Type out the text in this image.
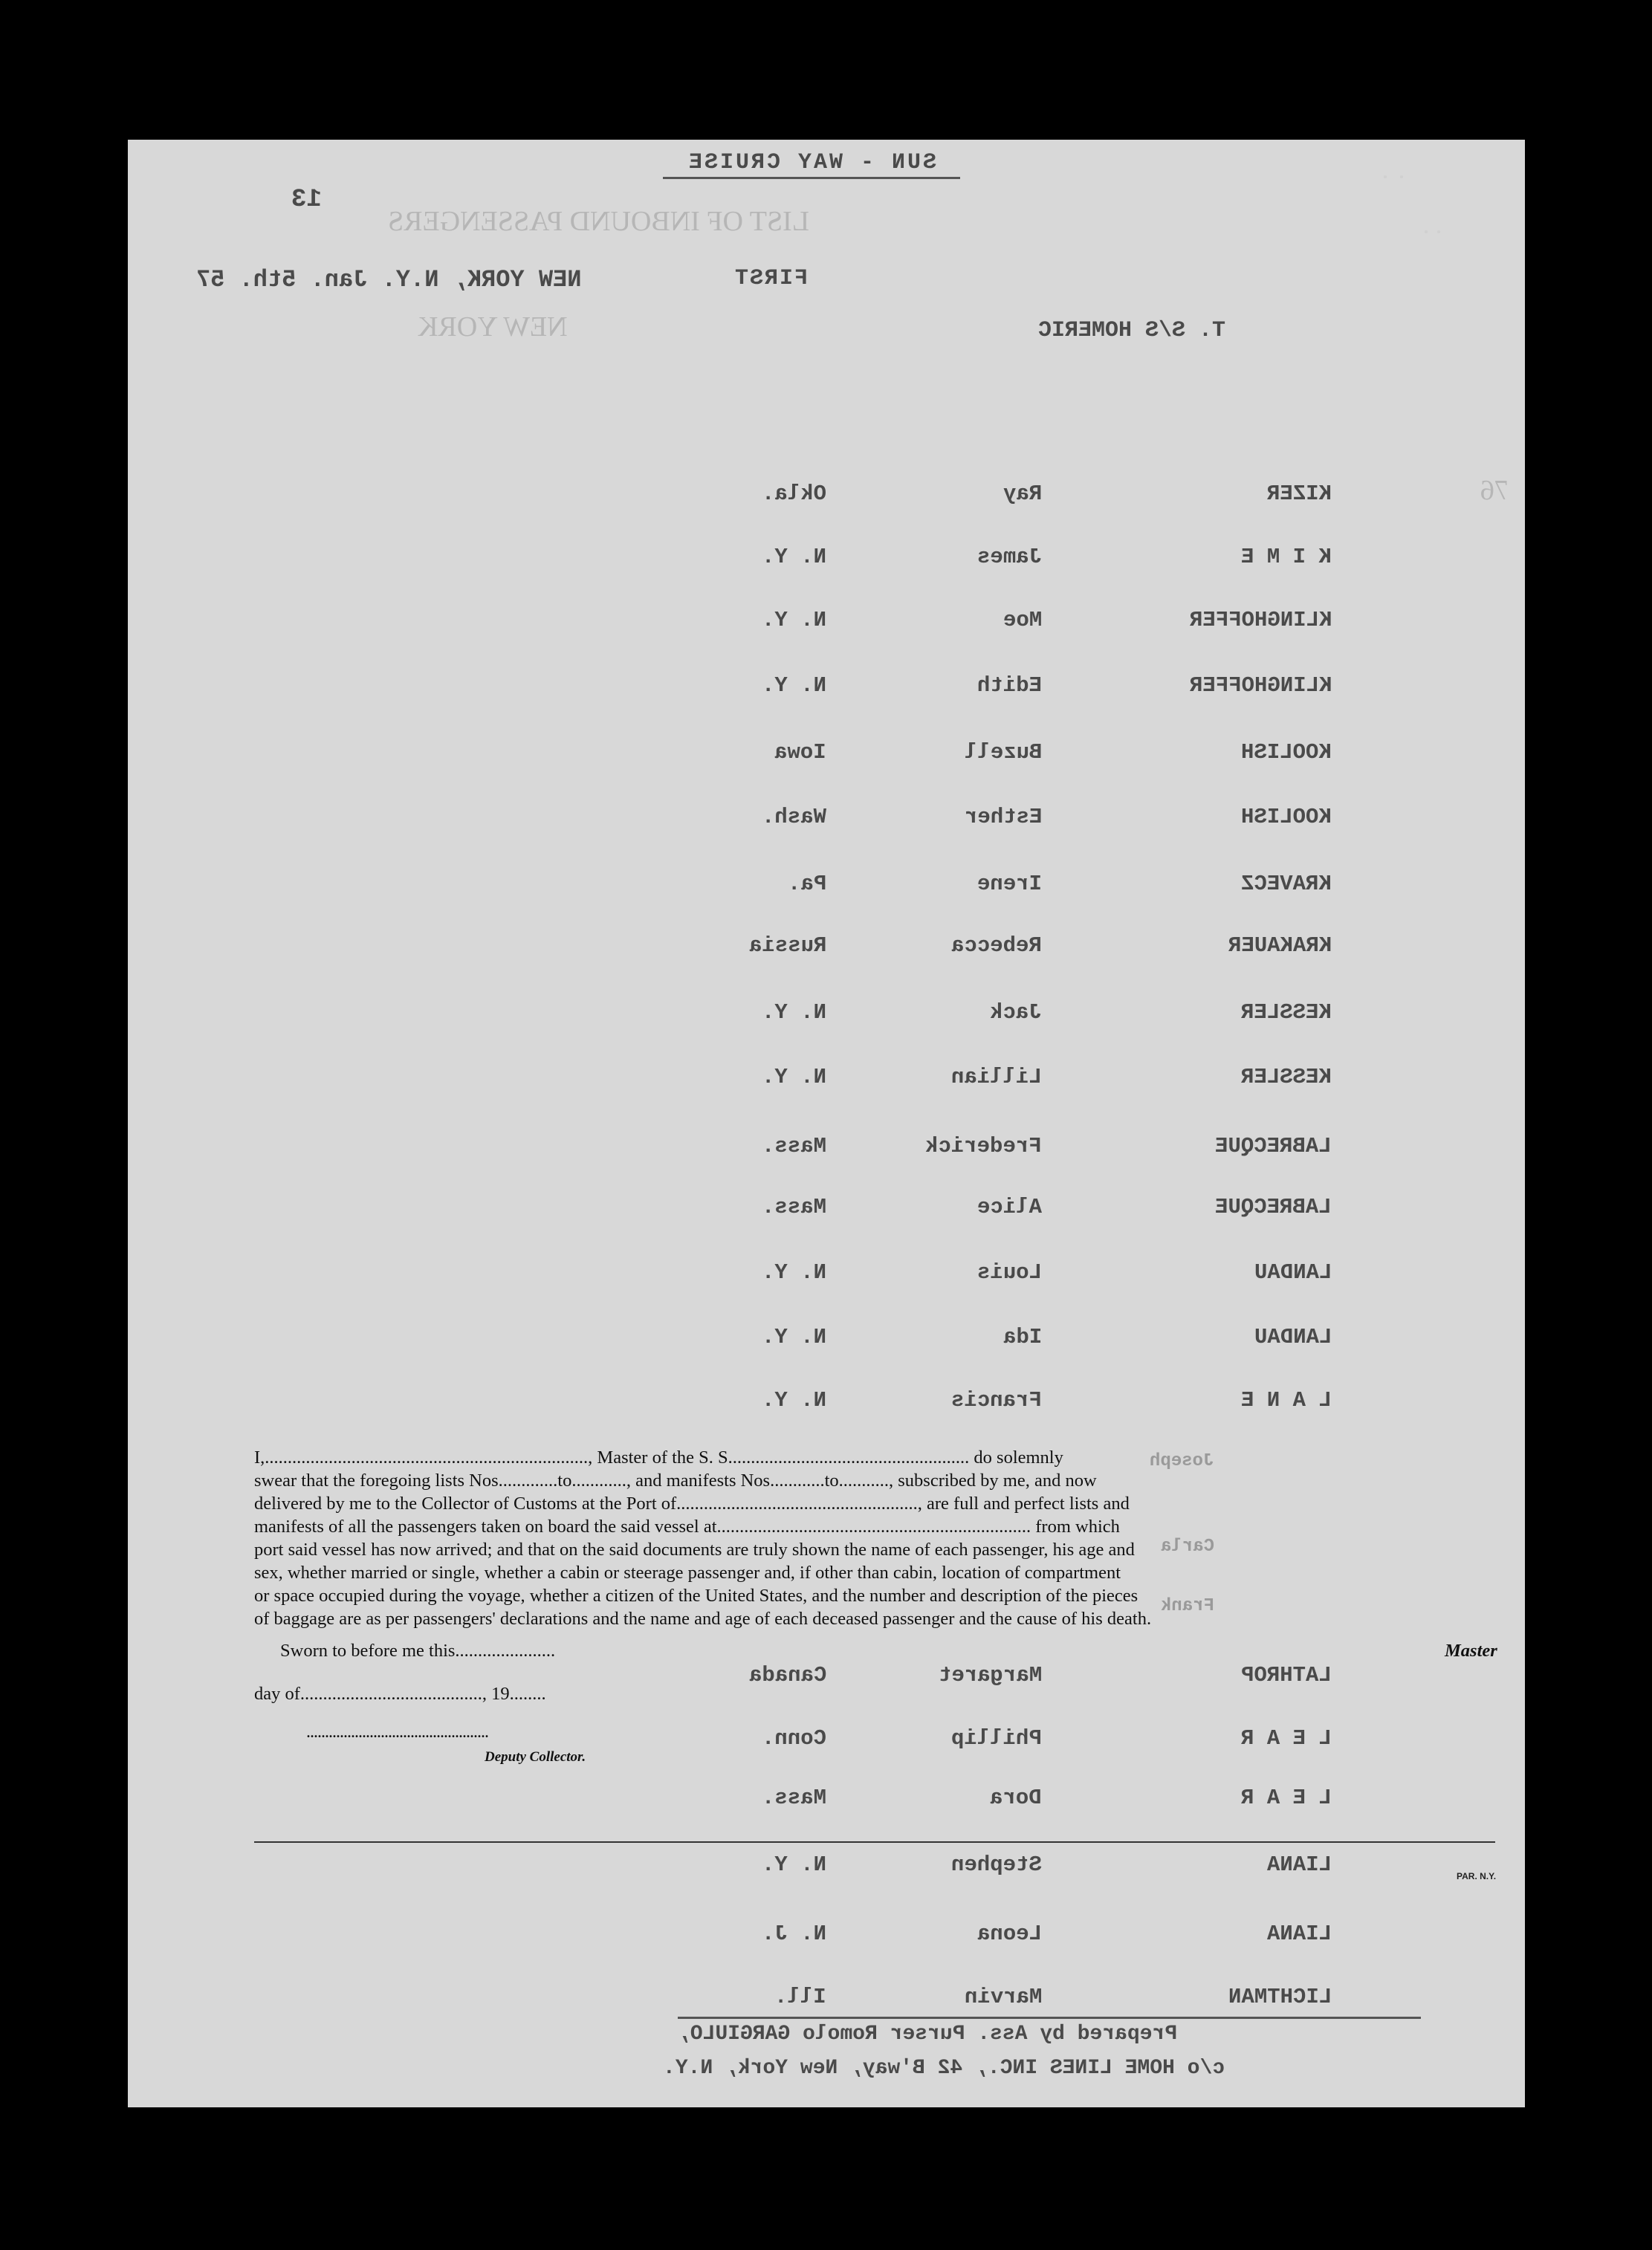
LIST OF INBOUND PASSENGERS
NEW YORK
76
SUN - WAY CRUISE
13
FIRST
NEW YORK, N.Y. Jan. 5th. 57
T. S/S HOMERIC
KIZER
Ray
Okla.
K I M E
James
N. Y.
KLINGHOFFER
Moe
N. Y.
KLINGHOFFER
Edith
N. Y.
KOOLISH
Buzell
Iowa
KOOLISH
Esther
Wash.
KRAVECZ
Irene
Pa.
KRAKAUER
Rebecca
Russia
KESSLER
Jack
N. Y.
KESSLER
Lillian
N. Y.
LABRECQUE
Frederick
Mass.
LABRECQUE
Alice
Mass.
LANDAU
Louis
N. Y.
LANDAU
Ida
N. Y.
L A N E
Francis
N. Y.
LATHROP
Margaret
Canada
L E A R
Phillip
Conn.
L E A R
Dora
Mass.
LIANA
Stephen
N. Y.
LIANA
Leona
N. J.
LICHTMAN
Marvin
Ill.
Joseph
Carla
Frank

I,......................................................................., Master of the S. S..................................................... do solemnly

swear that the foregoing lists Nos.............to............, and manifests Nos............to..........., subscribed by me, and now

delivered by me to the Collector of Customs at the Port of....................................................., are full and perfect lists and

manifests of all the passengers taken on board the said vessel at..................................................................... from which

port said vessel has now arrived; and that on the said documents are truly shown the name of each passenger, his age and

sex, whether married or single, whether a cabin or steerage passenger and, if other than cabin, location of compartment

or space occupied during the voyage, whether a citizen of the United States, and the number and description of the pieces

of baggage are as per passengers' declarations and the name and age of each deceased passenger and the cause of his death.

Sworn to before me this......................
day of........................................, 19........
.................................................
Deputy Collector.
Master
PAR. N.Y.
Prepared by Ass. Purser Romolo GARGIULO,
c/o HOME LINES INC., 42 B'way, New York, N.Y.
